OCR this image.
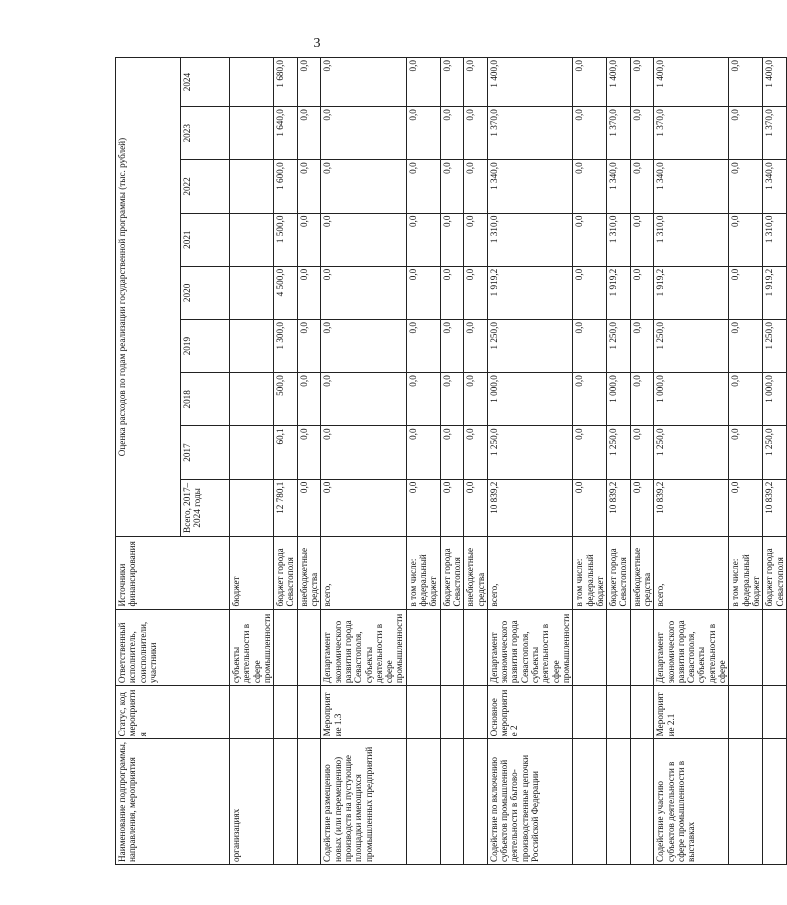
3
Наименование подпрограммы, направления, мероприятия	Статус, код мероприятия	Ответственный исполнитель, соисполнители, участники	Источники финансирования	Оценка расходов по годам реализации государственной программы (тыс. рублей)								
				Всего, 2017–2024 годы	2017	2018	2019	2020	2021	2022	2023	2024
организациях		субъекты деятельности в сфере промышленности	бюджет									
			бюджет города Севастополя	12 780,1	60,1	500,0	1 300,0	4 500,0	1 500,0	1 600,0	1 640,0	1 680,0
			внебюджетные средства	0,0	0,0	0,0	0,0	0,0	0,0	0,0	0,0	0,0
Содействие размещению новых (или перемещению) производств на пустующие площадки имеющихся промышленных предприятий	Мероприятие 1.3	Департамент экономического развития города Севастополя, субъекты деятельности в сфере промышленности	всего,	0,0	0,0	0,0	0,0	0,0	0,0	0,0	0,0	0,0
			в том числе: федеральный бюджет	0,0	0,0	0,0	0,0	0,0	0,0	0,0	0,0	0,0
			бюджет города Севастополя	0,0	0,0	0,0	0,0	0,0	0,0	0,0	0,0	0,0
			внебюджетные средства	0,0	0,0	0,0	0,0	0,0	0,0	0,0	0,0	0,0
Содействие по включению субъектов промышленной деятельности в бытово-производственные цепочки Российской Федерации	Основное мероприятие 2	Департамент экономического развития города Севастополя, субъекты деятельности в сфере промышленности	всего,	10 839,2	1 250,0	1 000,0	1 250,0	1 919,2	1 310,0	1 340,0	1 370,0	1 400,0
			в том числе: федеральный бюджет	0,0	0,0	0,0	0,0	0,0	0,0	0,0	0,0	0,0
			бюджет города Севастополя	10 839,2	1 250,0	1 000,0	1 250,0	1 919,2	1 310,0	1 340,0	1 370,0	1 400,0
			внебюджетные средства	0,0	0,0	0,0	0,0	0,0	0,0	0,0	0,0	0,0
Содействие участию субъектов деятельности в сфере промышленности в выставках	Мероприятие 2.1	Департамент экономического развития города Севастополя, субъекты деятельности в сфере	всего,	10 839,2	1 250,0	1 000,0	1 250,0	1 919,2	1 310,0	1 340,0	1 370,0	1 400,0
			в том числе: федеральный бюджет	0,0	0,0	0,0	0,0	0,0	0,0	0,0	0,0	0,0
			бюджет города Севастополя	10 839,2	1 250,0	1 000,0	1 250,0	1 919,2	1 310,0	1 340,0	1 370,0	1 400,0
